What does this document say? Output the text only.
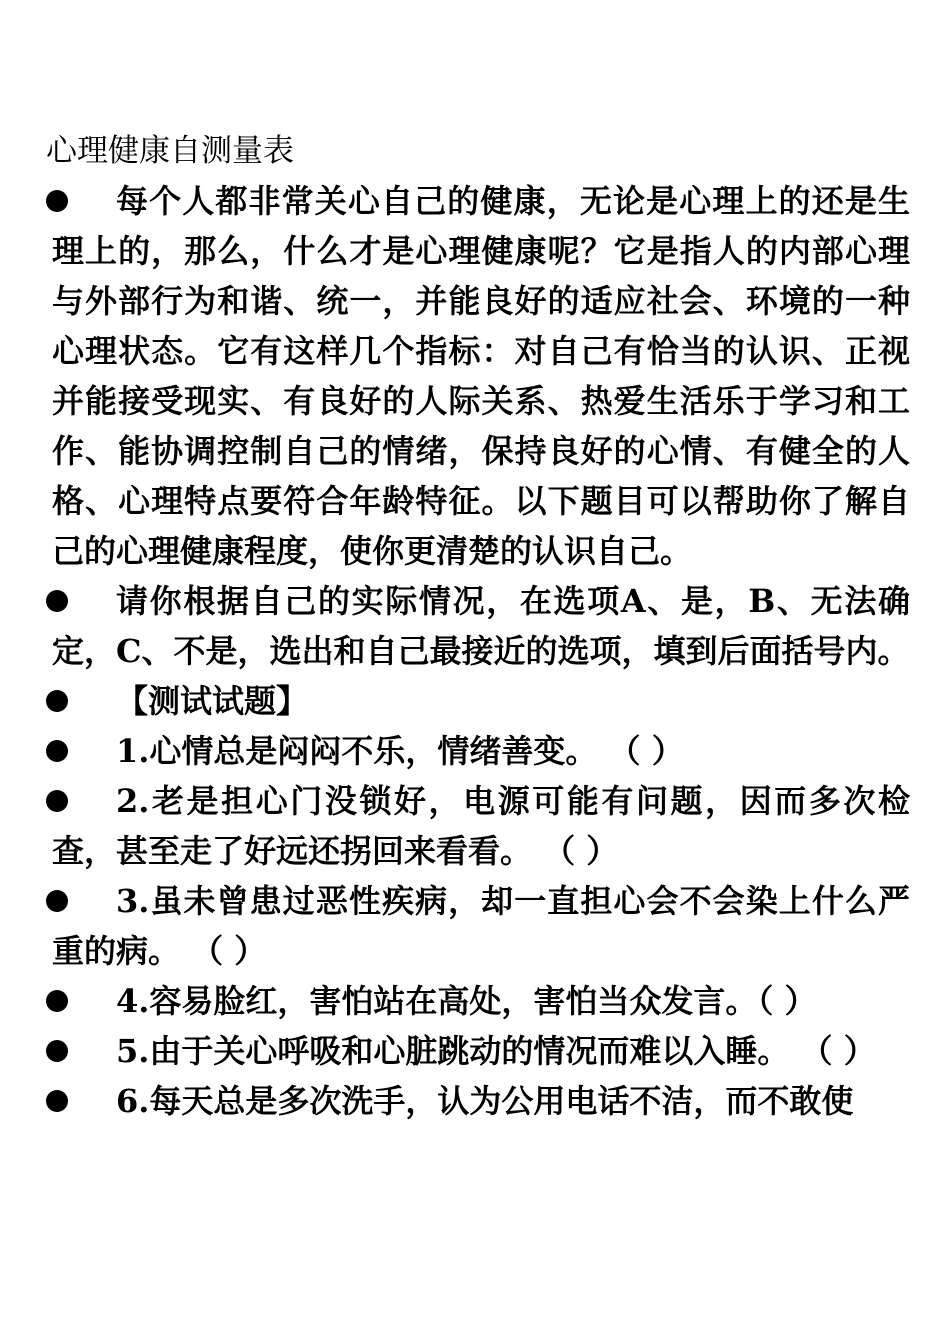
心理健康自测量表

每个人都非常关心自己的健康，无论是心理上的还是生理上的，那么，什么才是心理健康呢？它是指人的内部心理与外部行为和谐、统一，并能良好的适应社会、环境的一种心理状态。它有这样几个指标：对自己有恰当的认识、正视并能接受现实、有良好的人际关系、热爱生活乐于学习和工作、能协调控制自己的情绪，保持良好的心情、有健全的人格、心理特点要符合年龄特征。以下题目可以帮助你了解自己的心理健康程度，使你更清楚的认识自己。

请你根据自己的实际情况，在选项A、是，B、无法确定，C、不是，选出和自己最接近的选项，填到后面括号内。

【测试试题】

1.心情总是闷闷不乐，情绪善变。 （ ）

2.老是担心门没锁好，电源可能有问题，因而多次检查，甚至走了好远还拐回来看看。 （ ）

3.虽未曾患过恶性疾病，却一直担心会不会染上什么严重的病。 （ ）

4.容易脸红，害怕站在高处，害怕当众发言。（ ）

5.由于关心呼吸和心脏跳动的情况而难以入睡。 （ ）

6.每天总是多次洗手，认为公用电话不洁，而不敢使
